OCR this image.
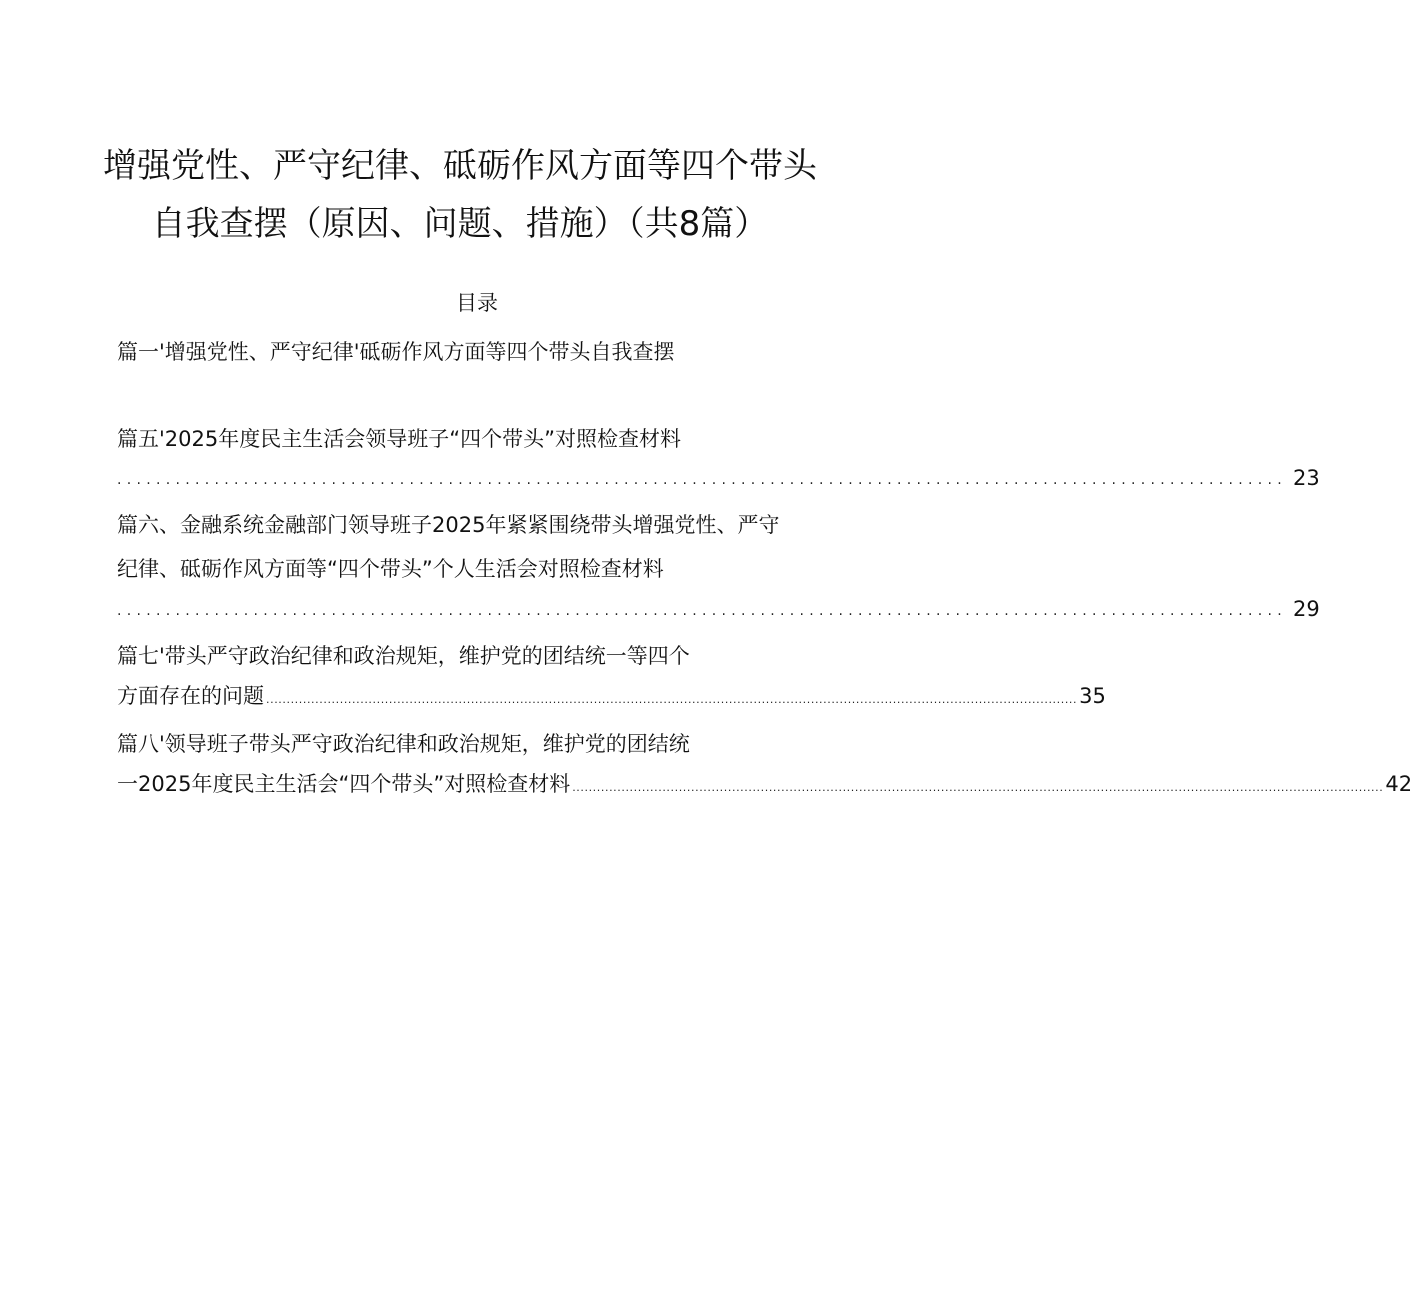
增强党性、严守纪律、砥砺作风方面等四个带头
自我查摆（原因、问题、措施）（共8篇）
目录
篇一'增强党性、严守纪律'砥砺作风方面等四个带头自我查摆
篇五'2025年度民主生活会领导班子“四个带头”对照检查材料
........................................................................................................................ 23
篇六、金融系统金融部门领导班子2025年紧紧围绕带头增强党性、严守
纪律、砥砺作风方面等“四个带头”个人生活会对照检查材料
........................................................................................................................ 29
篇七'带头严守政治纪律和政治规矩，维护党的团结统一等四个
方面存在的问题 ...................................................................................................................................................................................................... 35
篇八'领导班子带头严守政治纪律和政治规矩，维护党的团结统
一2025年度民主生活会“四个带头”对照检查材料 ...................................................................................................................................................................................................... 42
